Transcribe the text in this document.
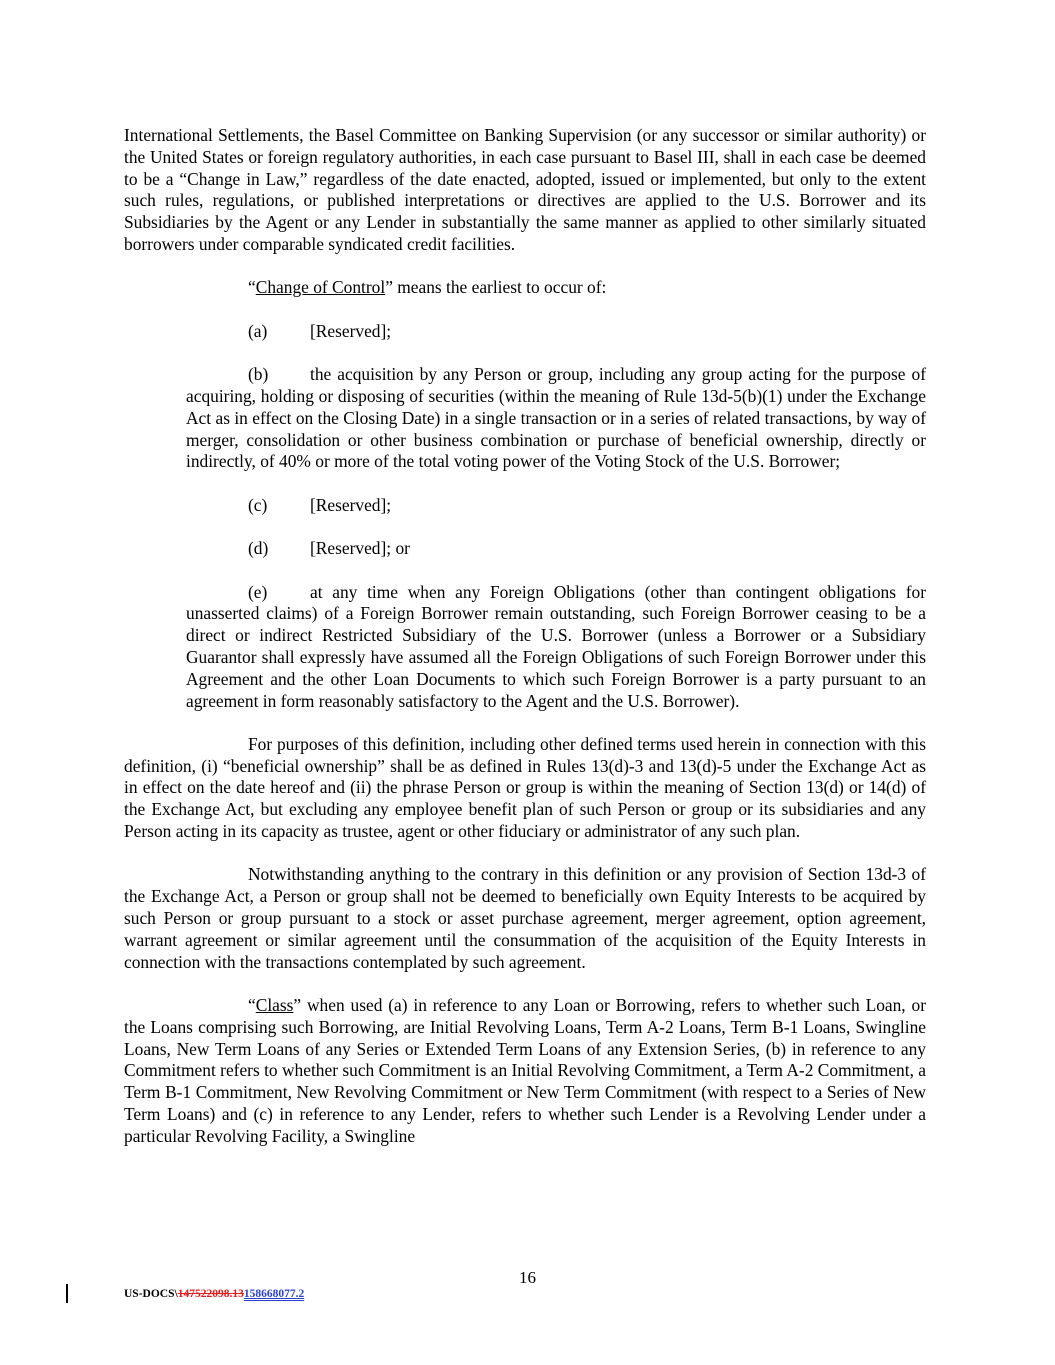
International Settlements, the Basel Committee on Banking Supervision (or any successor or similar authority) or the United States or foreign regulatory authorities, in each case pursuant to Basel III, shall in each case be deemed to be a “Change in Law,” regardless of the date enacted, adopted, issued or implemented, but only to the extent such rules, regulations, or published interpretations or directives are applied to the U.S. Borrower and its Subsidiaries by the Agent or any Lender in substantially the same manner as applied to other similarly situated borrowers under comparable syndicated credit facilities.

“Change of Control” means the earliest to occur of:

(a) [Reserved];

(b) the acquisition by any Person or group, including any group acting for the purpose of acquiring, holding or disposing of securities (within the meaning of Rule 13d-5(b)(1) under the Exchange Act as in effect on the Closing Date) in a single transaction or in a series of related transactions, by way of merger, consolidation or other business combination or purchase of beneficial ownership, directly or indirectly, of 40% or more of the total voting power of the Voting Stock of the U.S. Borrower;

(c) [Reserved];

(d) [Reserved]; or

(e) at any time when any Foreign Obligations (other than contingent obligations for unasserted claims) of a Foreign Borrower remain outstanding, such Foreign Borrower ceasing to be a direct or indirect Restricted Subsidiary of the U.S. Borrower (unless a Borrower or a Subsidiary Guarantor shall expressly have assumed all the Foreign Obligations of such Foreign Borrower under this Agreement and the other Loan Documents to which such Foreign Borrower is a party pursuant to an agreement in form reasonably satisfactory to the Agent and the U.S. Borrower).

For purposes of this definition, including other defined terms used herein in connection with this definition, (i) “beneficial ownership” shall be as defined in Rules 13(d)-3 and 13(d)-5 under the Exchange Act as in effect on the date hereof and (ii) the phrase Person or group is within the meaning of Section 13(d) or 14(d) of the Exchange Act, but excluding any employee benefit plan of such Person or group or its subsidiaries and any Person acting in its capacity as trustee, agent or other fiduciary or administrator of any such plan.

Notwithstanding anything to the contrary in this definition or any provision of Section 13d-3 of the Exchange Act, a Person or group shall not be deemed to beneficially own Equity Interests to be acquired by such Person or group pursuant to a stock or asset purchase agreement, merger agreement, option agreement, warrant agreement or similar agreement until the consummation of the acquisition of the Equity Interests in connection with the transactions contemplated by such agreement.

“Class” when used (a) in reference to any Loan or Borrowing, refers to whether such Loan, or the Loans comprising such Borrowing, are Initial Revolving Loans, Term A-2 Loans, Term B-1 Loans, Swingline Loans, New Term Loans of any Series or Extended Term Loans of any Extension Series, (b) in reference to any Commitment refers to whether such Commitment is an Initial Revolving Commitment, a Term A-2 Commitment, a Term B-1 Commitment, New Revolving Commitment or New Term Commitment (with respect to a Series of New Term Loans) and (c) in reference to any Lender, refers to whether such Lender is a Revolving Lender under a particular Revolving Facility, a Swingline

16
US-DOCS\147522098.13158668077.2
